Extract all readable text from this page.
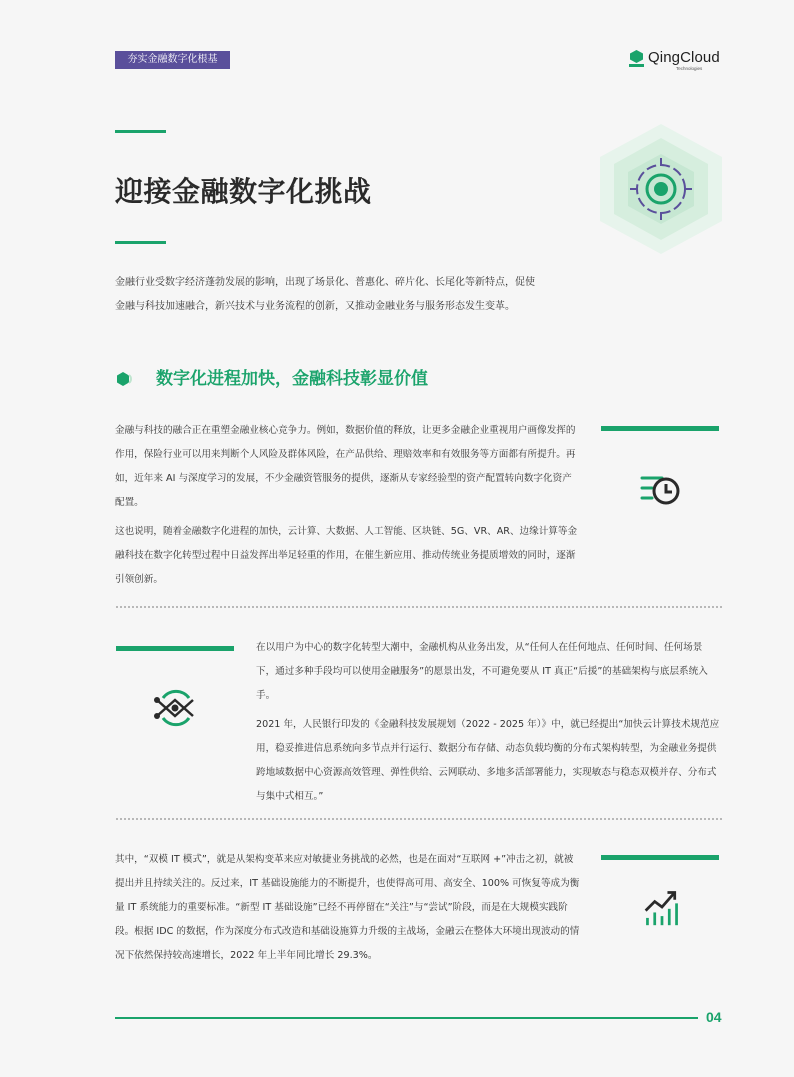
夯实金融数字化根基	QingCloud
Technologies
迎接金融数字化挑战

金融行业受数字经济蓬勃发展的影响，出现了场景化、普惠化、碎片化、长尾化等新特点，促使金融与科技加速融合，新兴技术与业务流程的创新，又推动金融业务与服务形态发生变革。

数字化进程加快，金融科技彰显价值

金融与科技的融合正在重塑金融业核心竞争力。例如，数据价值的释放，让更多金融企业重视用户画像发挥的作用，保险行业可以用来判断个人风险及群体风险，在产品供给、理赔效率和有效服务等方面都有所提升。再如，近年来 AI 与深度学习的发展，不少金融资管服务的提供，逐渐从专家经验型的资产配置转向数字化资产配置。

这也说明，随着金融数字化进程的加快，云计算、大数据、人工智能、区块链、5G、VR、AR、边缘计算等金融科技在数字化转型过程中日益发挥出举足轻重的作用，在催生新应用、推动传统业务提质增效的同时，逐渐引领创新。

在以用户为中心的数字化转型大潮中，金融机构从业务出发，从“任何人在任何地点、任何时间、任何场景下，通过多种手段均可以使用金融服务”的愿景出发，不可避免要从 IT 真正“后援”的基础架构与底层系统入手。

2021 年，人民银行印发的《金融科技发展规划（2022 - 2025 年）》中，就已经提出“加快云计算技术规范应用，稳妥推进信息系统向多节点并行运行、数据分布存储、动态负载均衡的分布式架构转型，为金融业务提供跨地域数据中心资源高效管理、弹性供给、云网联动、多地多活部署能力，实现敏态与稳态双模并存、分布式与集中式相互。”

其中，“双模 IT 模式”，就是从架构变革来应对敏捷业务挑战的必然，也是在面对“互联网 +”冲击之初，就被提出并且持续关注的。反过来，IT 基础设施能力的不断提升，也使得高可用、高安全、100% 可恢复等成为衡量 IT 系统能力的重要标准。“新型 IT 基础设施”已经不再停留在“关注”与“尝试”阶段，而是在大规模实践阶段。根据 IDC 的数据，作为深度分布式改造和基础设施算力升级的主战场，金融云在整体大环境出现波动的情况下依然保持较高速增长，2022 年上半年同比增长 29.3%。

04
